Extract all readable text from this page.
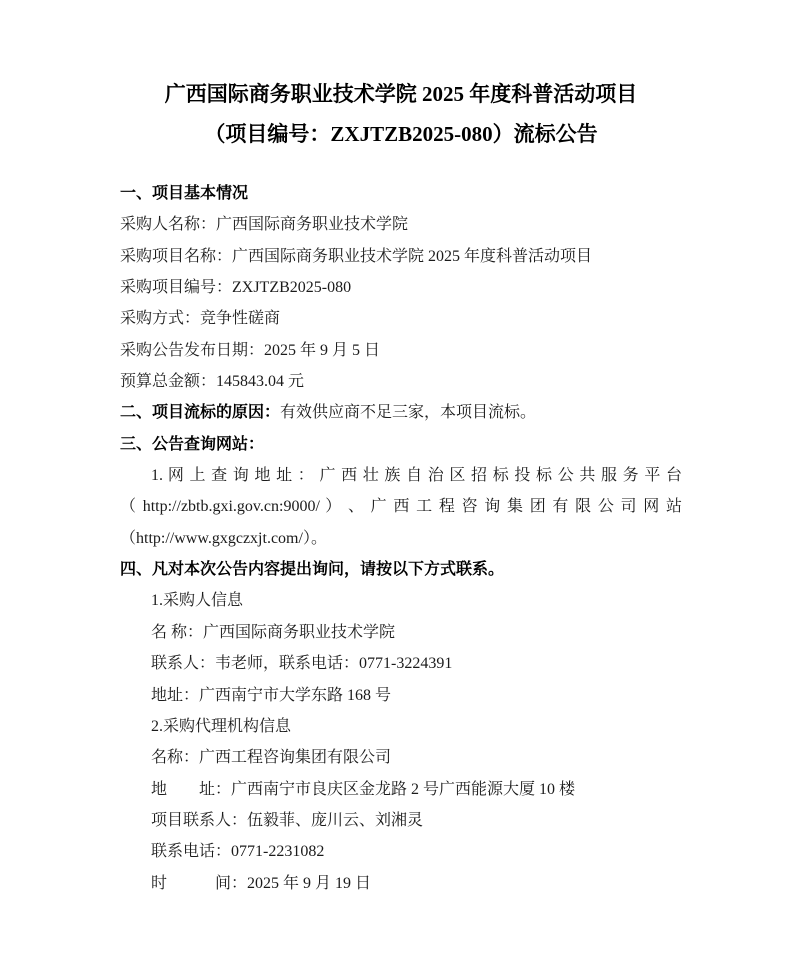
广西国际商务职业技术学院 2025 年度科普活动项目
（项目编号：ZXJTZB2025-080）流标公告
一、项目基本情况
采购人名称：广西国际商务职业技术学院
采购项目名称：广西国际商务职业技术学院 2025 年度科普活动项目
采购项目编号：ZXJTZB2025-080
采购方式：竞争性磋商
采购公告发布日期：2025 年 9 月 5 日
预算总金额：145843.04 元
二、项目流标的原因：有效供应商不足三家，本项目流标。
三、公告查询网站：
1. 网 上 查 询 地 址 ： 广 西 壮 族 自 治 区 招 标 投 标 公 共 服 务 平 台
（ http://zbtb.gxi.gov.cn:9000/ ） 、 广 西 工 程 咨 询 集 团 有 限 公 司 网 站
（http://www.gxgczxjt.com/）。
四、凡对本次公告内容提出询问，请按以下方式联系。
1.采购人信息
名 称：广西国际商务职业技术学院
联系人：韦老师，联系电话：0771-3224391
地址：广西南宁市大学东路 168 号
2.采购代理机构信息
名称：广西工程咨询集团有限公司
地　　址：广西南宁市良庆区金龙路 2 号广西能源大厦 10 楼
项目联系人：伍毅菲、庞川云、刘湘灵
联系电话：0771-2231082
时　　　间：2025 年 9 月 19 日
